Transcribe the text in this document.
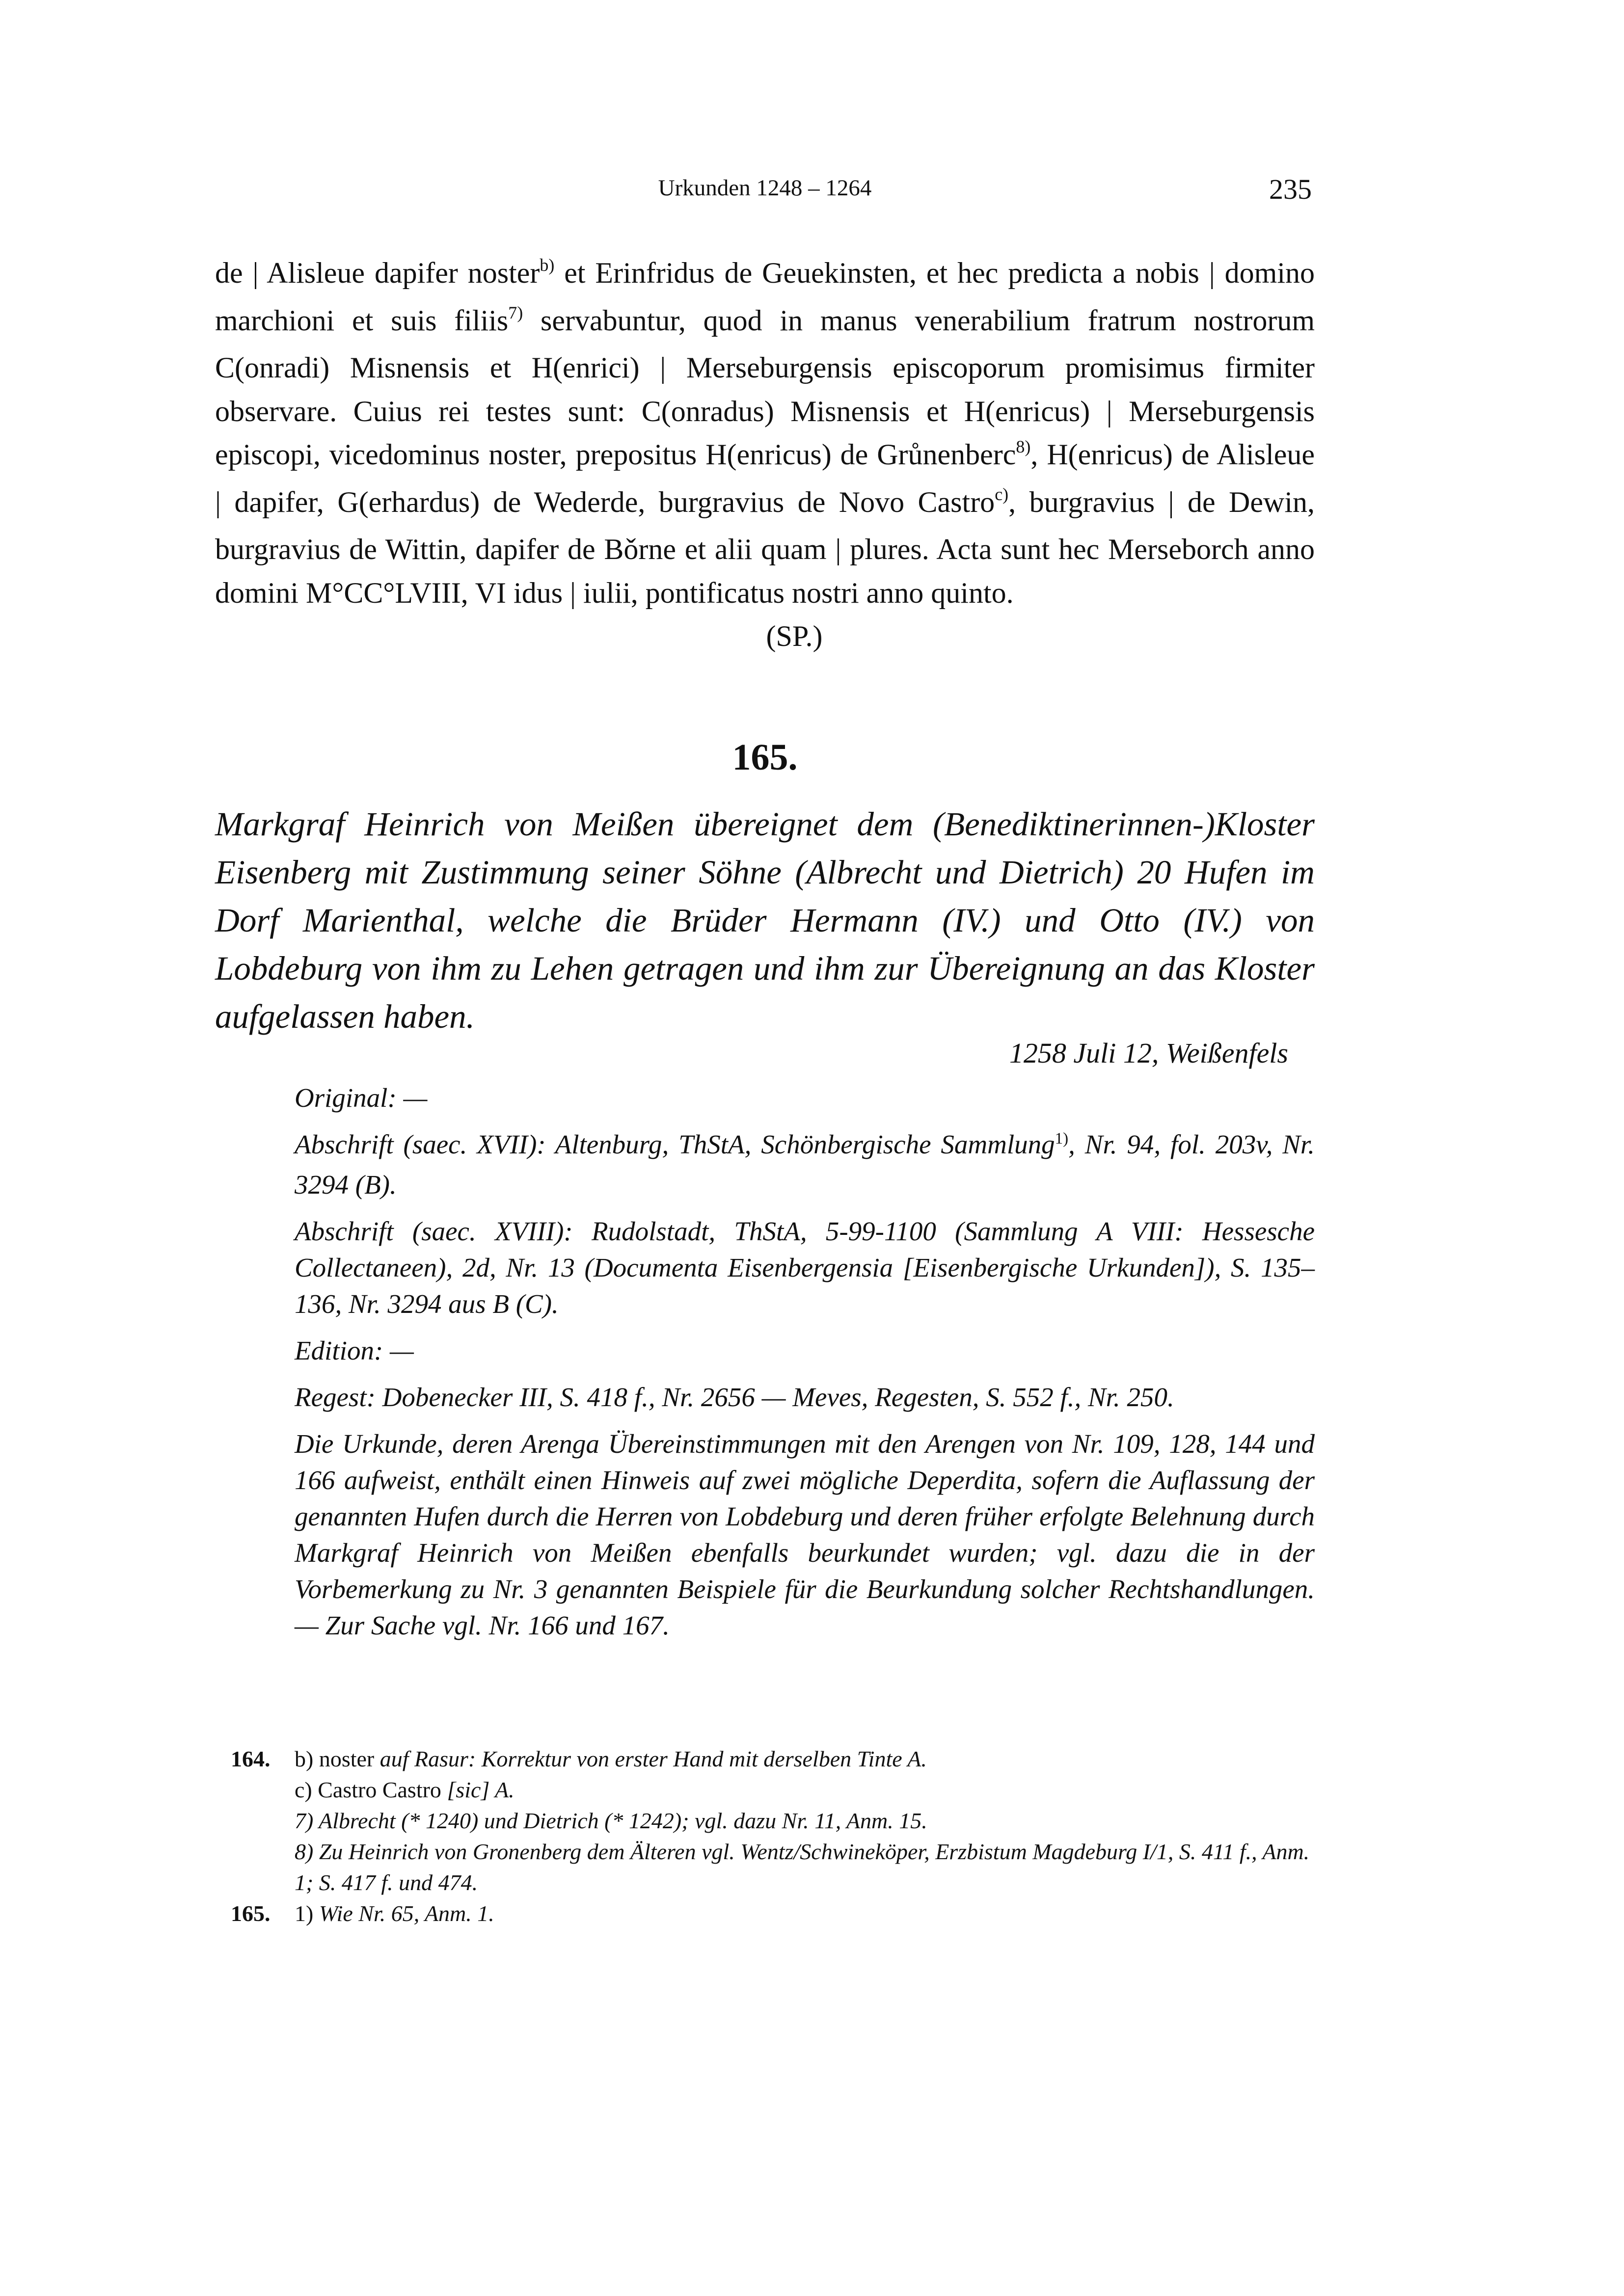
Urkunden 1248 – 1264	235

de | Alisleue dapifer noster$^{b)}$ et Erinfridus de Geuekinsten, et hec predicta a nobis | domino marchioni et suis filiis$^{7)}$ servabuntur, quod in manus venerabilium fratrum nostrorum C(onradi) Misnensis et H(enrici) | Merseburgensis episcoporum promisimus firmiter observare. Cuius rei testes sunt: C(onradus) Misnensis et H(enricus) | Merseburgensis episcopi, vicedominus noster, prepositus H(enricus) de Grůnenberc$^{8)}$, H(enricus) de Alisleue | dapifer, G(erhardus) de Wederde, burgravius de Novo Castro$^{c)}$, burgravius | de Dewin, burgravius de Wittin, dapifer de Bǒrne et alii quam | plures. Acta sunt hec Merseborch anno domini M°CC°LVIII, VI idus | iulii, pontificatus nostri anno quinto.

(SP.)

165.
Markgraf Heinrich von Meißen übereignet dem (Benediktinerinnen-)Kloster Eisenberg mit Zustimmung seiner Söhne (Albrecht und Dietrich) 20 Hufen im Dorf Marienthal, welche die Brüder Hermann (IV.) und Otto (IV.) von Lobdeburg von ihm zu Lehen getragen und ihm zur Übereignung an das Kloster aufgelassen haben.
1258 Juli 12, Weißenfels

Original: —

Abschrift (saec. XVII): Altenburg, ThStA, Schönbergische Sammlung$^{1)}$, Nr. 94, fol. 203v, Nr. 3294 (B).

Abschrift (saec. XVIII): Rudolstadt, ThStA, 5-99-1100 (Sammlung A VIII: Hessesche Collectaneen), 2d, Nr. 13 (Documenta Eisenbergensia [Eisenbergische Urkunden]), S. 135–136, Nr. 3294 aus B (C).

Edition: —

Regest: Dobenecker III, S. 418 f., Nr. 2656 — Meves, Regesten, S. 552 f., Nr. 250.

Die Urkunde, deren Arenga Übereinstimmungen mit den Arengen von Nr. 109, 128, 144 und 166 aufweist, enthält einen Hinweis auf zwei mögliche Deperdita, sofern die Auflassung der genannten Hufen durch die Herren von Lobdeburg und deren früher erfolgte Belehnung durch Markgraf Heinrich von Meißen ebenfalls beurkundet wurden; vgl. dazu die in der Vorbemerkung zu Nr. 3 genannten Beispiele für die Beurkundung solcher Rechtshandlungen. — Zur Sache vgl. Nr. 166 und 167.

164. b) noster auf Rasur: Korrektur von erster Hand mit derselben Tinte A.
c) Castro Castro [sic] A.
7) Albrecht (* 1240) und Dietrich (* 1242); vgl. dazu Nr. 11, Anm. 15.
8) Zu Heinrich von Gronenberg dem Älteren vgl. Wentz/Schwineköper, Erzbistum Magdeburg I/1, S. 411 f., Anm. 1; S. 417 f. und 474.
165. 1) Wie Nr. 65, Anm. 1.
